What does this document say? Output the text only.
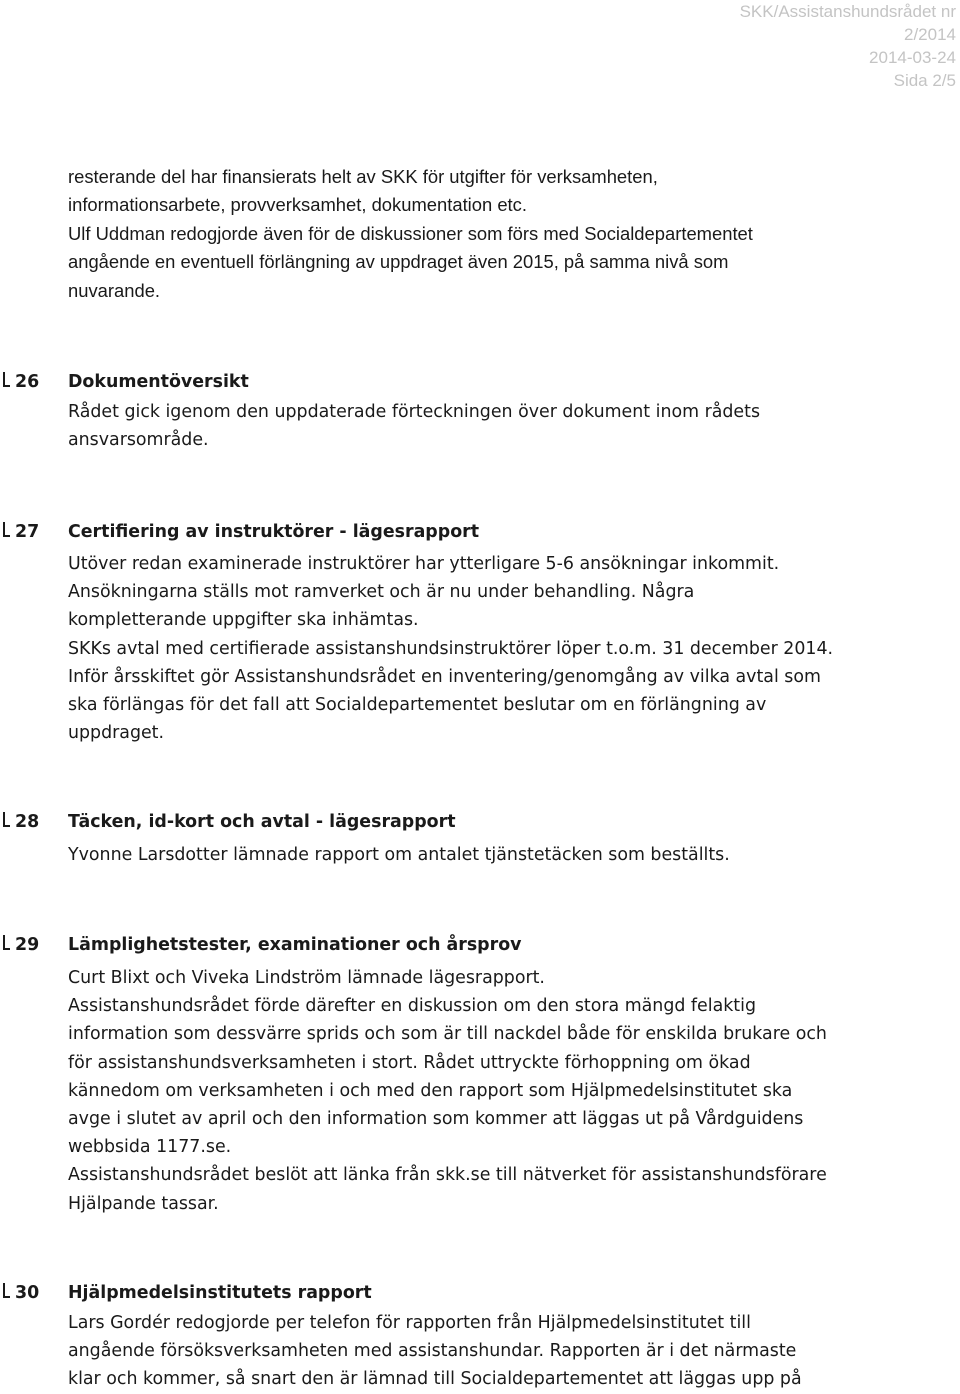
SKK/Assistanshundsrådet nr
2/2014
2014-03-24
Sida 2/5

resterande del har finansierats helt av SKK för utgifter för verksamheten,

informationsarbete, provverksamhet, dokumentation etc.

Ulf Uddman redogjorde även för de diskussioner som förs med Socialdepartementet

angående en eventuell förlängning av uppdraget även 2015, på samma nivå som

nuvarande.

26 Dokumentöversikt

Rådet gick igenom den uppdaterade förteckningen över dokument inom rådets

ansvarsområde.

27 Certifiering av instruktörer - lägesrapport

Utöver redan examinerade instruktörer har ytterligare 5-6 ansökningar inkommit.

Ansökningarna ställs mot ramverket och är nu under behandling. Några

kompletterande uppgifter ska inhämtas.

SKKs avtal med certifierade assistanshundsinstruktörer löper t.o.m. 31 december 2014.

Inför årsskiftet gör Assistanshundsrådet en inventering/genomgång av vilka avtal som

ska förlängas för det fall att Socialdepartementet beslutar om en förlängning av

uppdraget.

28 Täcken, id-kort och avtal - lägesrapport

Yvonne Larsdotter lämnade rapport om antalet tjänstetäcken som beställts.

29 Lämplighetstester, examinationer och årsprov

Curt Blixt och Viveka Lindström lämnade lägesrapport.

Assistanshundsrådet förde därefter en diskussion om den stora mängd felaktig

information som dessvärre sprids och som är till nackdel både för enskilda brukare och

för assistanshundsverksamheten i stort. Rådet uttryckte förhoppning om ökad

kännedom om verksamheten i och med den rapport som Hjälpmedelsinstitutet ska

avge i slutet av april och den information som kommer att läggas ut på Vårdguidens

webbsida 1177.se.

Assistanshundsrådet beslöt att länka från skk.se till nätverket för assistanshundsförare

Hjälpande tassar.

30 Hjälpmedelsinstitutets rapport

Lars Gordér redogjorde per telefon för rapporten från Hjälpmedelsinstitutet till

angående försöksverksamheten med assistanshundar. Rapporten är i det närmaste

klar och kommer, så snart den är lämnad till Socialdepartementet att läggas upp på
